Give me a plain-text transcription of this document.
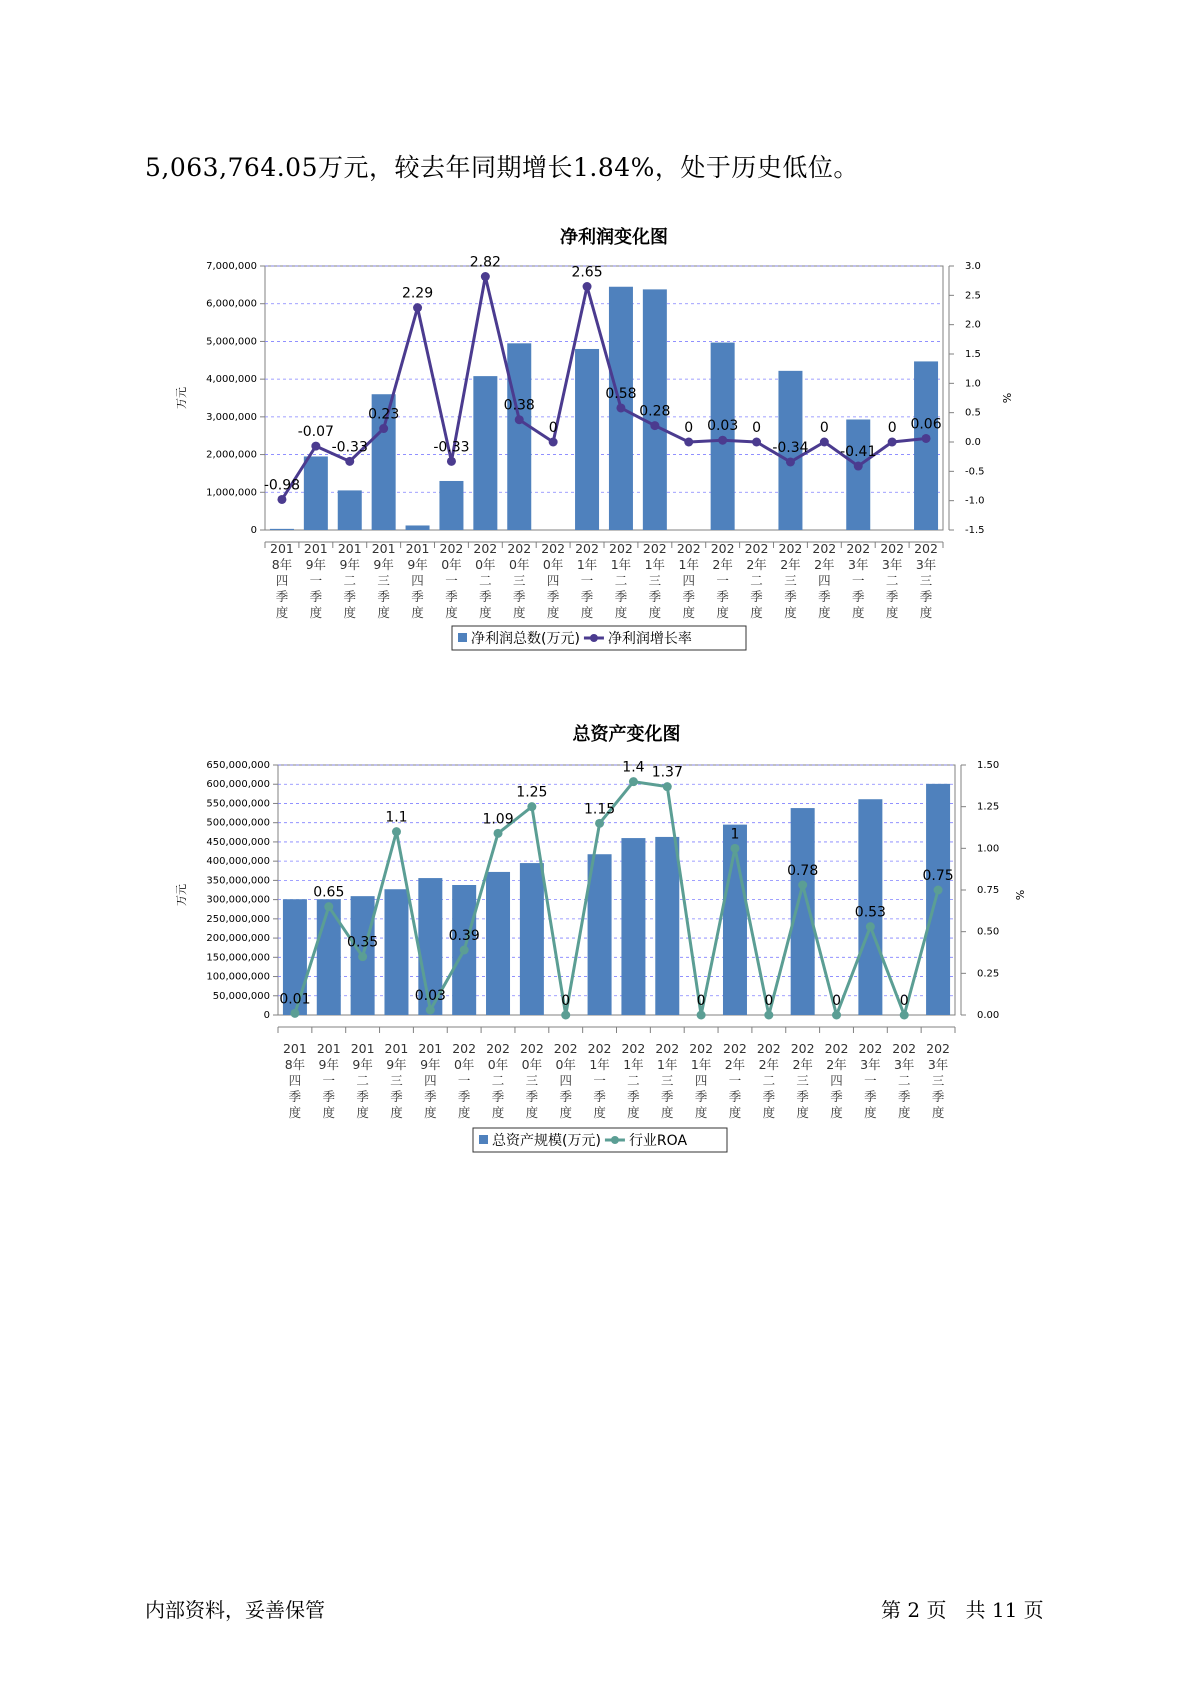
5,063,764.05万元，较去年同期增长1.84%，处于历史低位。
净利润变化图
0
1,000,000
2,000,000
3,000,000
4,000,000
5,000,000
6,000,000
7,000,000
-1.5
-1.0
-0.5
0.0
0.5
1.0
1.5
2.0
2.5
3.0
万元	%
201 8年四季度
201 9年一季度
201 9年二季度
201 9年三季度
201 9年四季度
202 0年一季度
202 0年二季度
202 0年三季度
202 0年四季度
202 1年一季度
202 1年二季度
202 1年三季度
202 1年四季度
202 2年一季度
202 2年二季度
202 2年三季度
202 2年四季度
202 3年一季度
202 3年二季度
202 3年三季度
-0.98
-0.07
-0.33
0.23
2.29
-0.33
2.82
0.38
0
2.65
0.58
0.28
0 0.03 0
-0.34
0
-0.41
0 0.06
净利润总数(万元) 净利润增长率
总资产变化图
0
50,000,000
100,000,000
150,000,000
200,000,000
250,000,000
300,000,000
350,000,000
400,000,000
450,000,000
500,000,000
550,000,000
600,000,000
650,000,000
0.00
0.25
0.50
0.75
1.00
1.25
1.50
万元	%
201 8年四季度
201 9年一季度
201 9年二季度
201 9年三季度
201 9年四季度
202 0年一季度
202 0年二季度
202 0年三季度
202 0年四季度
202 1年一季度
202 1年二季度
202 1年三季度
202 1年四季度
202 2年一季度
202 2年二季度
202 2年三季度
202 2年四季度
202 3年一季度
202 3年二季度
202 3年三季度
0.01
0.65
0.35
1.1
0.03
0.39
1.09
1.25
0
1.15
1.4 1.37
0
1
0
0.78
0
0.53
0
0.75
总资产规模(万元) 行业ROA
内部资料，妥善保管	第 2 页   共 11 页
